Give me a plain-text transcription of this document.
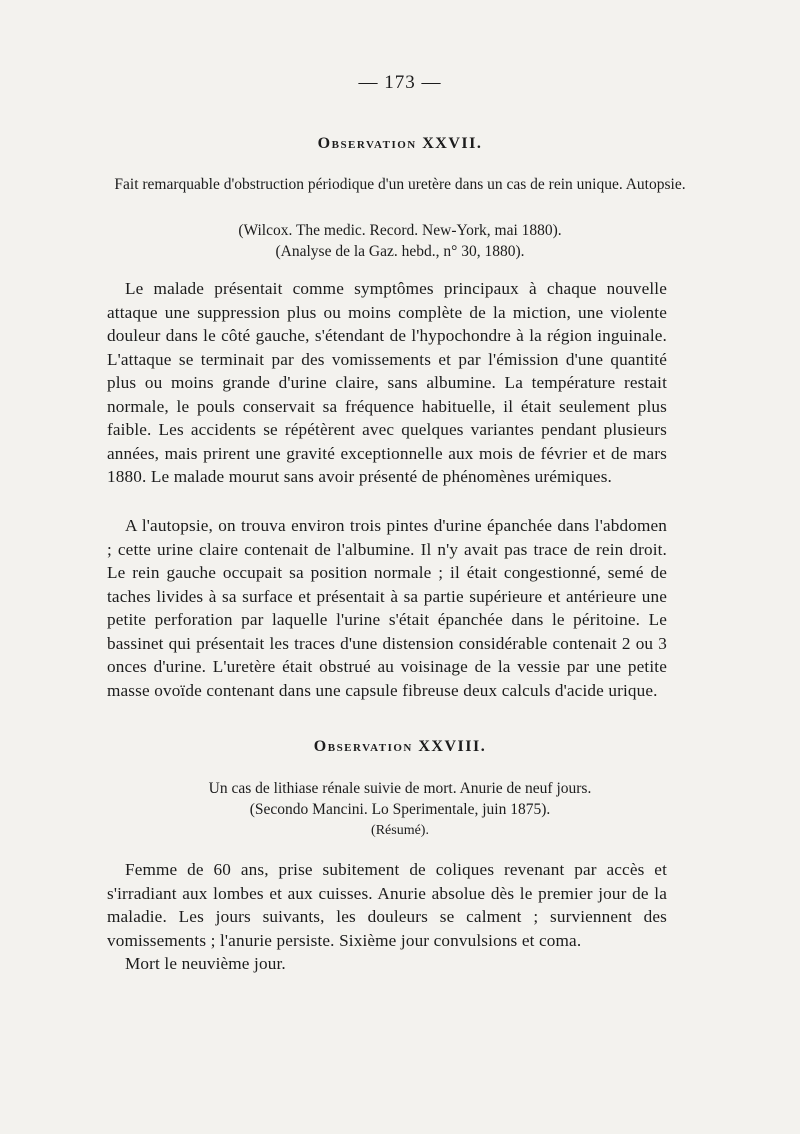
— 173 —
Observation XXVII.
Fait remarquable d'obstruction périodique d'un uretère dans un cas de rein unique. Autopsie.
(Wilcox. The medic. Record. New-York, mai 1880).
(Analyse de la Gaz. hebd., n° 30, 1880).

Le malade présentait comme symptômes principaux à chaque nouvelle attaque une suppression plus ou moins complète de la miction, une violente douleur dans le côté gauche, s'étendant de l'hypochondre à la région inguinale. L'attaque se terminait par des vomissements et par l'émission d'une quantité plus ou moins grande d'urine claire, sans albumine. La température restait normale, le pouls conservait sa fréquence habituelle, il était seulement plus faible. Les accidents se répétèrent avec quelques variantes pendant plusieurs années, mais prirent une gravité exceptionnelle aux mois de février et de mars 1880. Le malade mourut sans avoir présenté de phénomènes urémiques.

A l'autopsie, on trouva environ trois pintes d'urine épanchée dans l'abdomen ; cette urine claire contenait de l'albumine. Il n'y avait pas trace de rein droit. Le rein gauche occupait sa position normale ; il était congestionné, semé de taches livides à sa surface et présentait à sa partie supérieure et antérieure une petite perforation par laquelle l'urine s'était épanchée dans le péritoine. Le bassinet qui présentait les traces d'une distension considérable contenait 2 ou 3 onces d'urine. L'uretère était obstrué au voisinage de la vessie par une petite masse ovoïde contenant dans une capsule fibreuse deux calculs d'acide urique.

Observation XXVIII.
Un cas de lithiase rénale suivie de mort. Anurie de neuf jours.
(Secondo Mancini. Lo Sperimentale, juin 1875).
(Résumé).

Femme de 60 ans, prise subitement de coliques revenant par accès et s'irradiant aux lombes et aux cuisses. Anurie absolue dès le premier jour de la maladie. Les jours suivants, les douleurs se calment ; surviennent des vomissements ; l'anurie persiste. Sixième jour convulsions et coma.

Mort le neuvième jour.
